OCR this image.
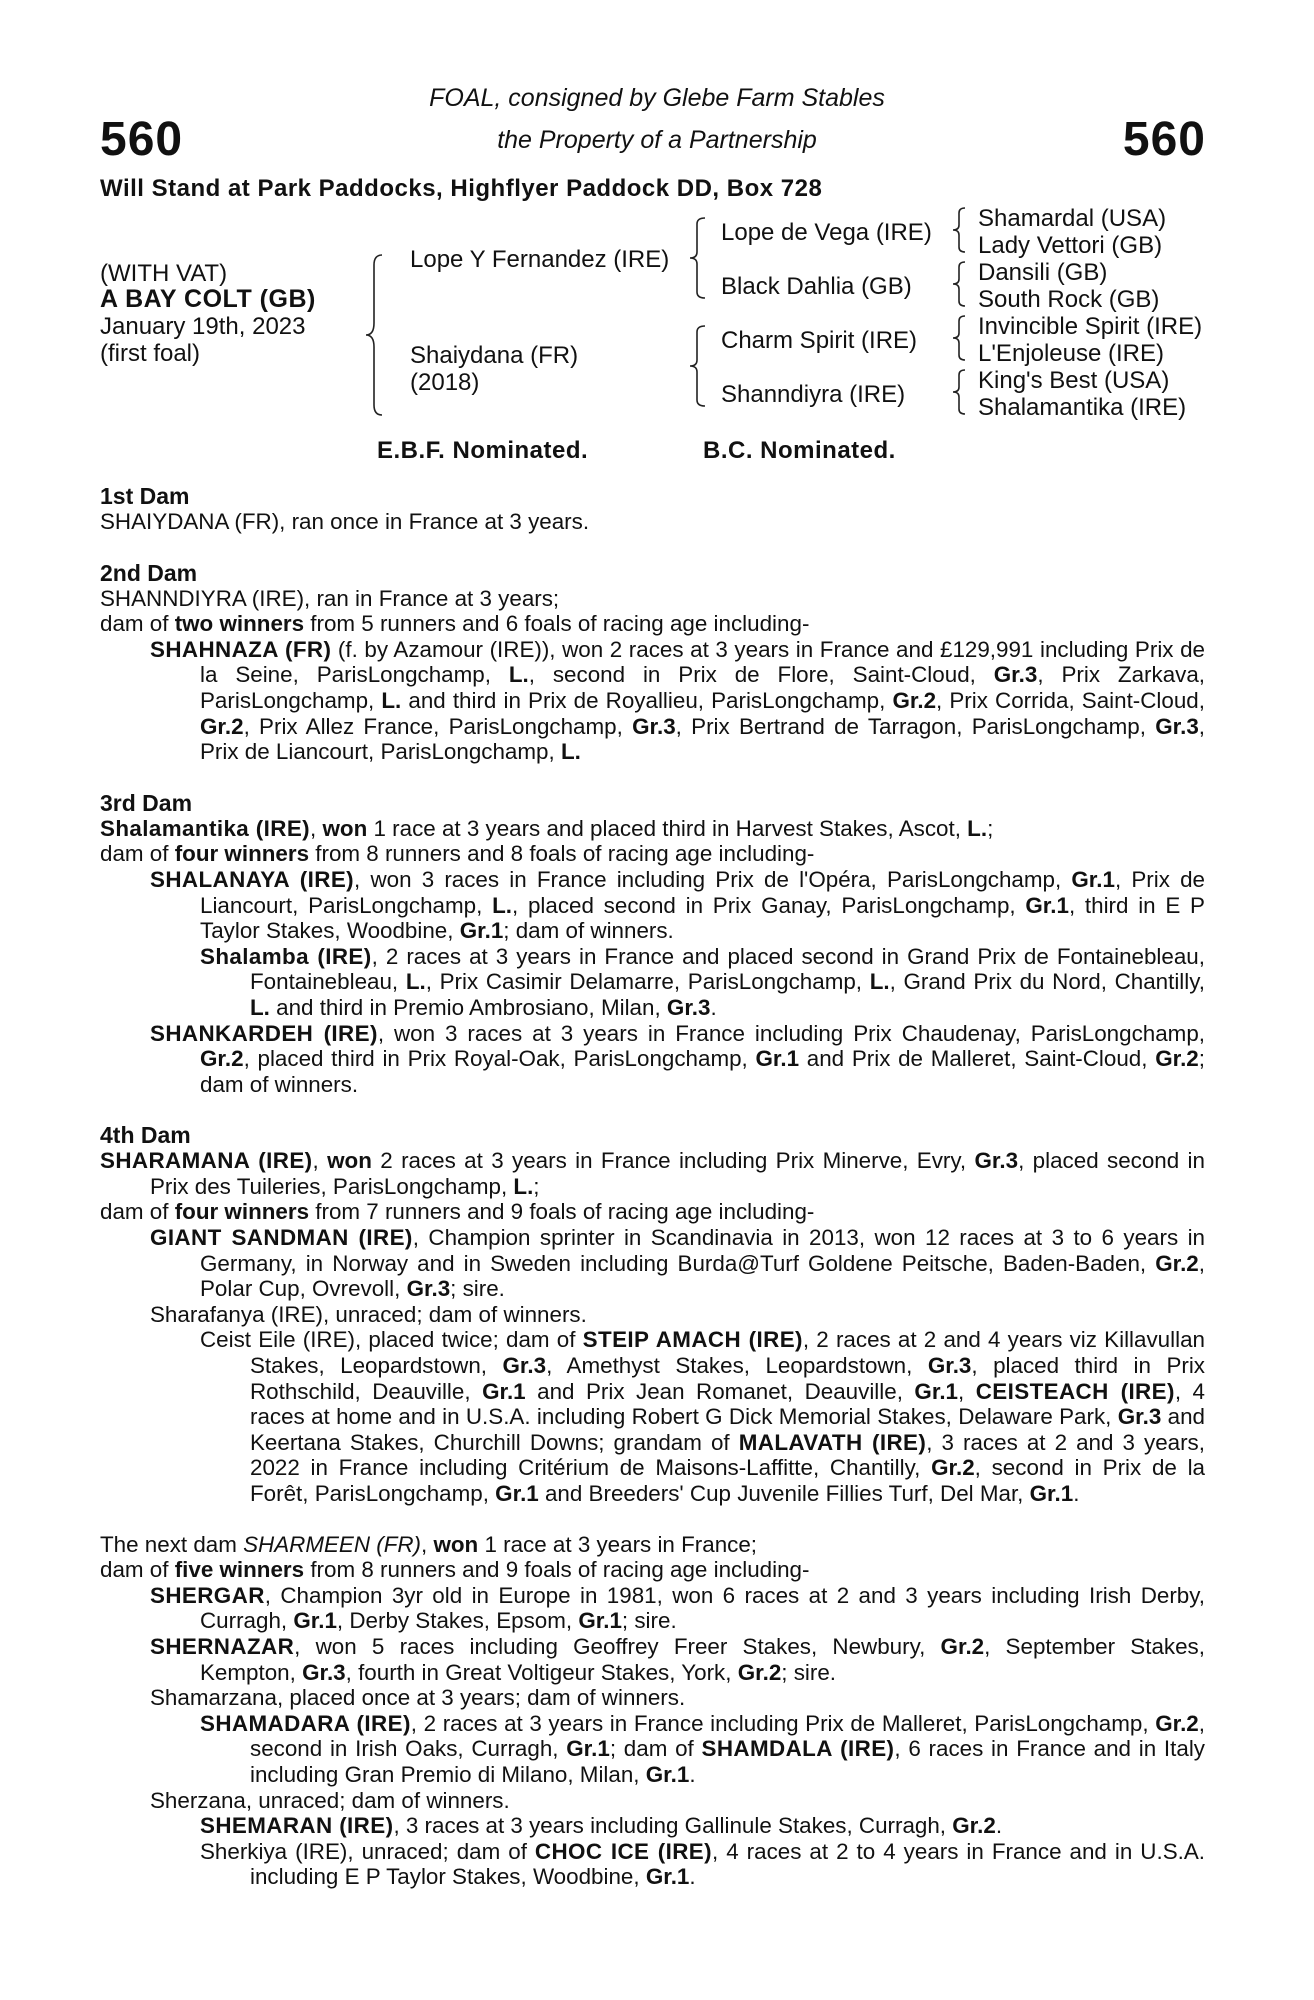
560	560
FOAL, consigned by Glebe Farm Stables
the Property of a Partnership
Will Stand at Park Paddocks, Highflyer Paddock DD, Box 728
(WITH VAT)
A BAY COLT (GB)
January 19th, 2023
(first foal)
Lope Y Fernandez (IRE)
Shaiydana (FR)
(2018)
Lope de Vega (IRE)
Black Dahlia (GB)
Charm Spirit (IRE)
Shanndiyra (IRE)
Shamardal (USA)
Lady Vettori (GB)
Dansili (GB)
South Rock (GB)
Invincible Spirit (IRE)
L'Enjoleuse (IRE)
King's Best (USA)
Shalamantika (IRE)
E.B.F. Nominated.	B.C. Nominated.
1st Dam
SHAIYDANA (FR), ran once in France at 3 years.
2nd Dam
SHANNDIYRA (IRE), ran in France at 3 years;
dam of two winners from 5 runners and 6 foals of racing age including-
SHAHNAZA (FR) (f. by Azamour (IRE)), won 2 races at 3 years in France and £129,991 including Prix de la Seine, ParisLongchamp, L., second in Prix de Flore, Saint-Cloud, Gr.3, Prix Zarkava, ParisLongchamp, L. and third in Prix de Royallieu, ParisLongchamp, Gr.2, Prix Corrida, Saint-Cloud, Gr.2, Prix Allez France, ParisLongchamp, Gr.3, Prix Bertrand de Tarragon, ParisLongchamp, Gr.3, Prix de Liancourt, ParisLongchamp, L.
3rd Dam
Shalamantika (IRE), won 1 race at 3 years and placed third in Harvest Stakes, Ascot, L.;
dam of four winners from 8 runners and 8 foals of racing age including-
SHALANAYA (IRE), won 3 races in France including Prix de l'Opéra, ParisLongchamp, Gr.1, Prix de Liancourt, ParisLongchamp, L., placed second in Prix Ganay, ParisLongchamp, Gr.1, third in E P Taylor Stakes, Woodbine, Gr.1; dam of winners.
Shalamba (IRE), 2 races at 3 years in France and placed second in Grand Prix de Fontainebleau, Fontainebleau, L., Prix Casimir Delamarre, ParisLongchamp, L., Grand Prix du Nord, Chantilly, L. and third in Premio Ambrosiano, Milan, Gr.3.
SHANKARDEH (IRE), won 3 races at 3 years in France including Prix Chaudenay, ParisLongchamp, Gr.2, placed third in Prix Royal-Oak, ParisLongchamp, Gr.1 and Prix de Malleret, Saint-Cloud, Gr.2; dam of winners.
4th Dam
SHARAMANA (IRE), won 2 races at 3 years in France including Prix Minerve, Evry, Gr.3, placed second in Prix des Tuileries, ParisLongchamp, L.;
dam of four winners from 7 runners and 9 foals of racing age including-
GIANT SANDMAN (IRE), Champion sprinter in Scandinavia in 2013, won 12 races at 3 to 6 years in Germany, in Norway and in Sweden including Burda@Turf Goldene Peitsche, Baden-Baden, Gr.2, Polar Cup, Ovrevoll, Gr.3; sire.
Sharafanya (IRE), unraced; dam of winners.
Ceist Eile (IRE), placed twice; dam of STEIP AMACH (IRE), 2 races at 2 and 4 years viz Killavullan Stakes, Leopardstown, Gr.3, Amethyst Stakes, Leopardstown, Gr.3, placed third in Prix Rothschild, Deauville, Gr.1 and Prix Jean Romanet, Deauville, Gr.1, CEISTEACH (IRE), 4 races at home and in U.S.A. including Robert G Dick Memorial Stakes, Delaware Park, Gr.3 and Keertana Stakes, Churchill Downs; grandam of MALAVATH (IRE), 3 races at 2 and 3 years, 2022 in France including Critérium de Maisons-Laffitte, Chantilly, Gr.2, second in Prix de la Forêt, ParisLongchamp, Gr.1 and Breeders' Cup Juvenile Fillies Turf, Del Mar, Gr.1.
The next dam SHARMEEN (FR), won 1 race at 3 years in France;
dam of five winners from 8 runners and 9 foals of racing age including-
SHERGAR, Champion 3yr old in Europe in 1981, won 6 races at 2 and 3 years including Irish Derby, Curragh, Gr.1, Derby Stakes, Epsom, Gr.1; sire.
SHERNAZAR, won 5 races including Geoffrey Freer Stakes, Newbury, Gr.2, September Stakes, Kempton, Gr.3, fourth in Great Voltigeur Stakes, York, Gr.2; sire.
Shamarzana, placed once at 3 years; dam of winners.
SHAMADARA (IRE), 2 races at 3 years in France including Prix de Malleret, ParisLongchamp, Gr.2, second in Irish Oaks, Curragh, Gr.1; dam of SHAMDALA (IRE), 6 races in France and in Italy including Gran Premio di Milano, Milan, Gr.1.
Sherzana, unraced; dam of winners.
SHEMARAN (IRE), 3 races at 3 years including Gallinule Stakes, Curragh, Gr.2.
Sherkiya (IRE), unraced; dam of CHOC ICE (IRE), 4 races at 2 to 4 years in France and in U.S.A. including E P Taylor Stakes, Woodbine, Gr.1.
